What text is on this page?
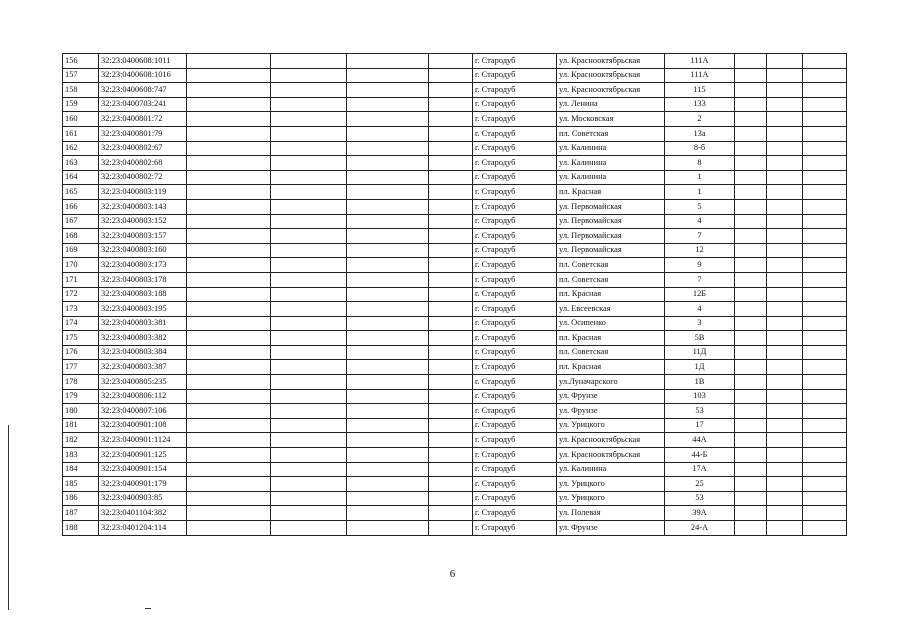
156	32:23:0400608:1011					г. Стародуб	ул. Краснооктябрьская	111А			
157	32:23:0400608:1016					г. Стародуб	ул. Краснооктябрьская	111А			
158	32:23:0400608:747					г. Стародуб	ул. Краснооктябрьская	115			
159	32:23:0400703:241					г. Стародуб	ул. Ленина	133			
160	32:23:0400801:72					г. Стародуб	ул. Московская	2			
161	32:23:0400801:79					г. Стародуб	пл. Советская	13а			
162	32:23:0400802:67					г. Стародуб	ул. Калинина	8-б			
163	32:23:0400802:68					г. Стародуб	ул. Калинина	8			
164	32:23:0400802:72					г. Стародуб	ул. Калинина	1			
165	32:23:0400803:119					г. Стародуб	пл. Красная	1			
166	32:23:0400803:143					г. Стародуб	ул. Первомайская	5			
167	32:23:0400803:152					г. Стародуб	ул. Первомайская	4			
168	32:23:0400803:157					г. Стародуб	ул. Первомайская	7			
169	32:23:0400803:160					г. Стародуб	ул. Первомайская	12			
170	32:23:0400803:173					г. Стародуб	пл. Советская	9			
171	32:23:0400803:178					г. Стародуб	пл. Советская	7			
172	32:23:0400803:188					г. Стародуб	пл. Красная	12Б			
173	32:23:0400803:195					г. Стародуб	ул. Евсеевская	4			
174	32:23:0400803:381					г. Стародуб	ул. Осипенко	3			
175	32:23:0400803:382					г. Стародуб	пл. Красная	5В			
176	32:23:0400803:384					г. Стародуб	пл. Советская	11Д			
177	32:23:0400803:387					г. Стародуб	пл. Красная	1Д			
178	32:23:0400805:235					г. Стародуб	ул.Луначарского	1В			
179	32:23:0400806:112					г. Стародуб	ул. Фрунзе	103			
180	32:23:0400807:106					г. Стародуб	ул. Фрунзе	53			
181	32:23:0400901:108					г. Стародуб	ул. Урицкого	17			
182	32:23:0400901:1124					г. Стародуб	ул. Краснооктябрьская	44А			
183	32:23:0400901:125					г. Стародуб	ул. Краснооктябрьская	44-Б			
184	32:23:0400901:154					г. Стародуб	ул. Калинина	17А			
185	32:23:0400901:179					г. Стародуб	ул. Урицкого	25			
186	32:23:0400903:85					г. Стародуб	ул. Урицкого	53			
187	32:23:0401104:382					г. Стародуб	ул. Полевая	39А			
188	32:23:0401204:114					г. Стародуб	ул. Фрунзе	24-А			
6
